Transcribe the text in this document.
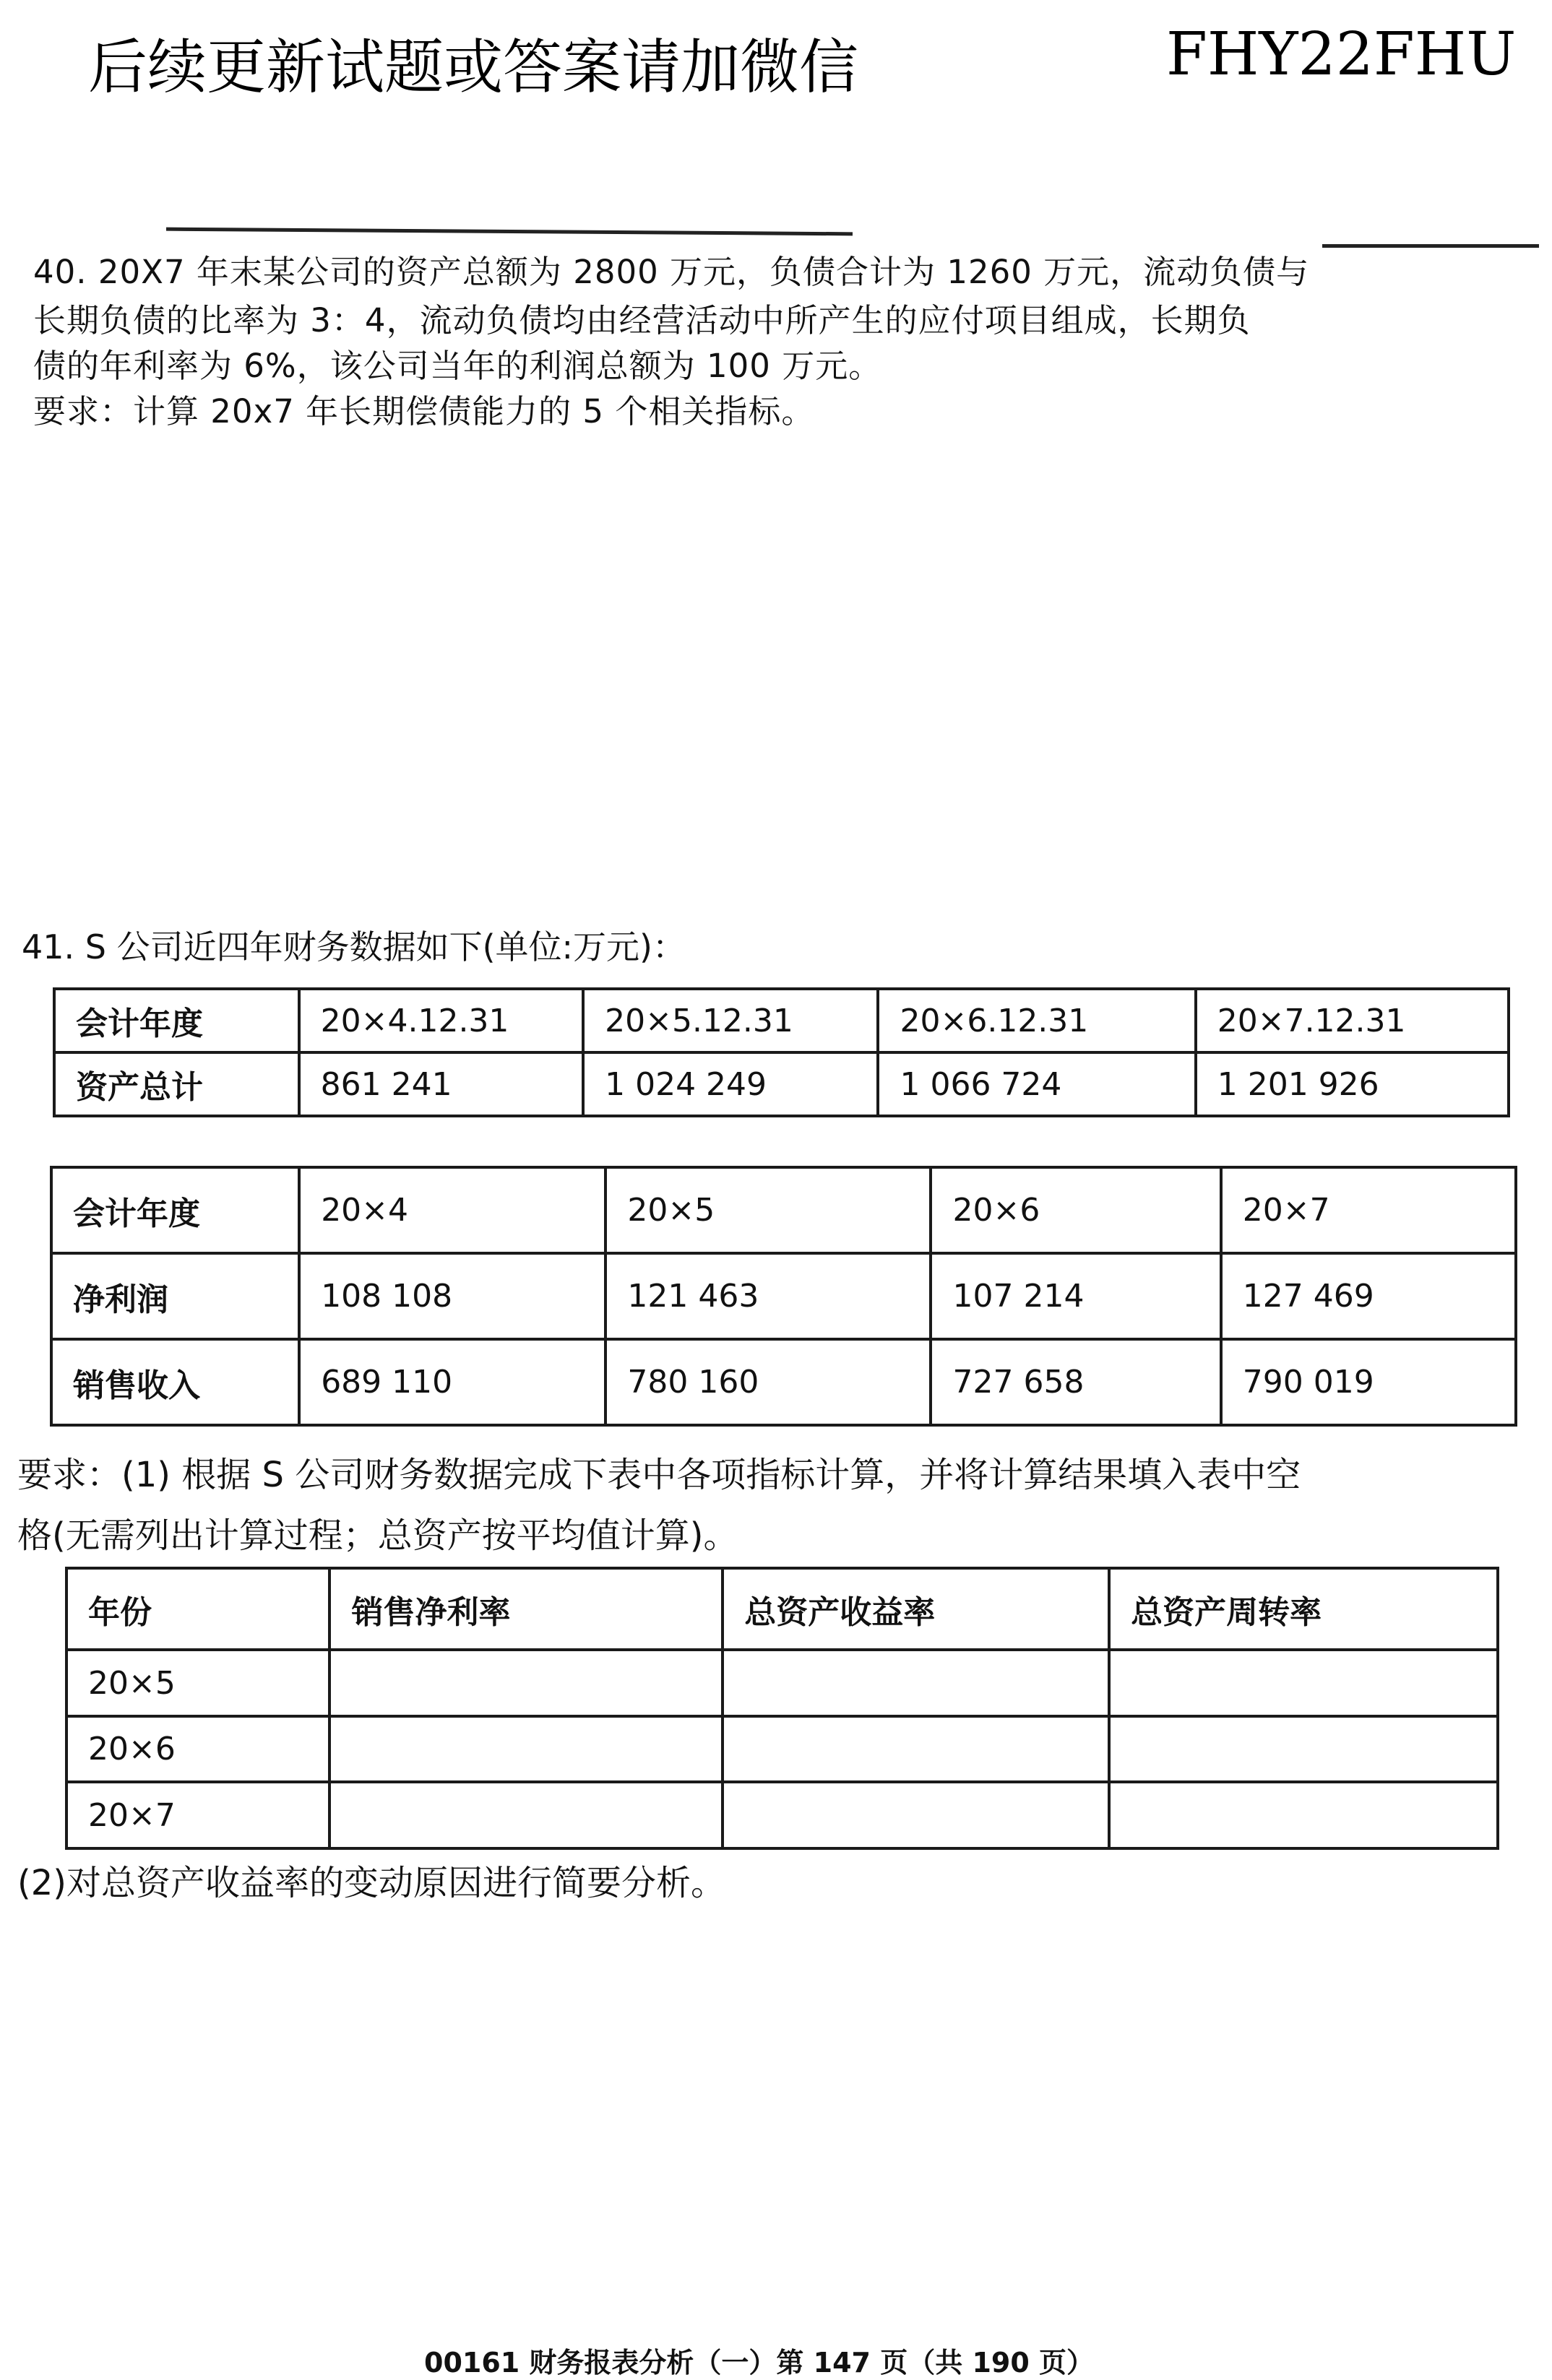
后续更新试题或答案请加微信	FHY22FHU
40. 20X7 年末某公司的资产总额为 2800 万元，负债合计为 1260 万元，流动负债与
长期负债的比率为 3：4，流动负债均由经营活动中所产生的应付项目组成，长期负
债的年利率为 6%，该公司当年的利润总额为 100 万元。
要求：计算 20x7 年长期偿债能力的 5 个相关指标。
41. S 公司近四年财务数据如下(单位:万元)：
会计年度	20×4.12.31	20×5.12.31	20×6.12.31	20×7.12.31
资产总计	861 241	1 024 249	1 066 724	1 201 926
会计年度	20×4	20×5	20×6	20×7
净利润	108 108	121 463	107 214	127 469
销售收入	689 110	780 160	727 658	790 019
要求：(1) 根据 S 公司财务数据完成下表中各项指标计算，并将计算结果填入表中空
格(无需列出计算过程；总资产按平均值计算)。
年份	销售净利率	总资产收益率	总资产周转率
20×5			
20×6			
20×7			
(2)对总资产收益率的变动原因进行简要分析。
00161 财务报表分析（一）第 147 页（共 190 页）
